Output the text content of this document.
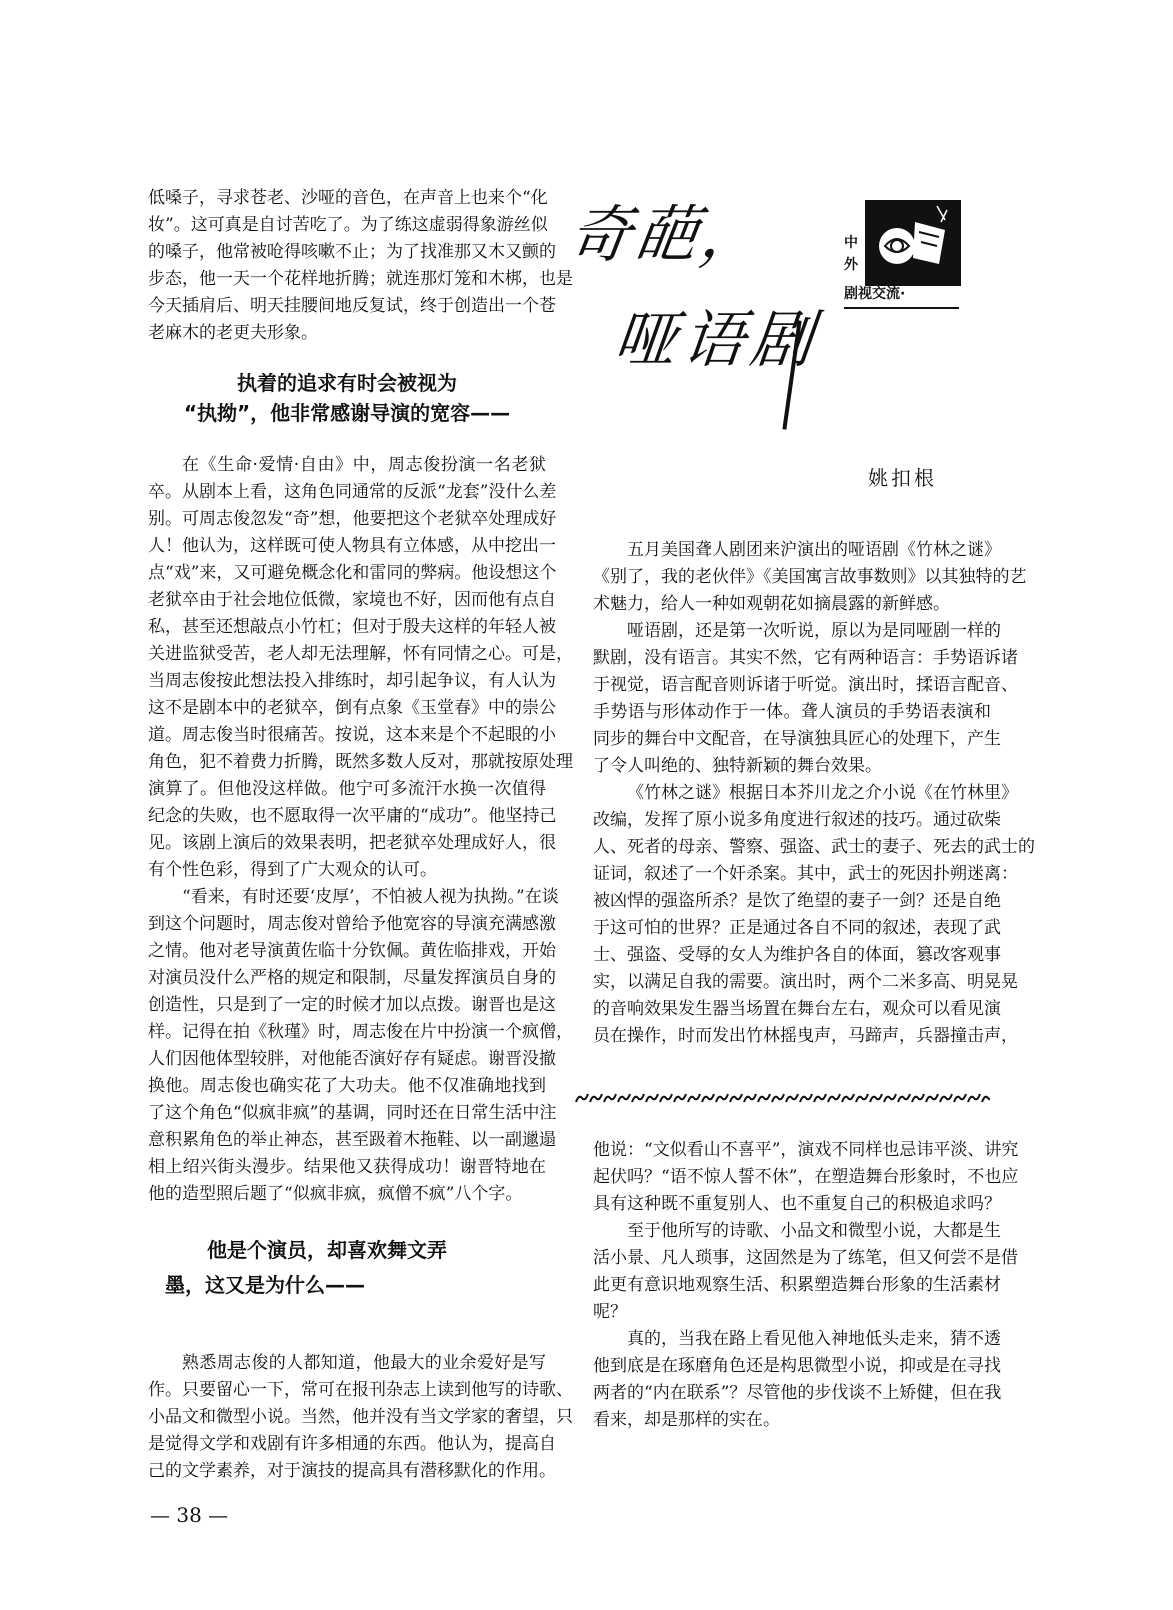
低嗓子，寻求苍老、沙哑的音色，在声音上也来个“化
妆”。这可真是自讨苦吃了。为了练这虚弱得象游丝似
的嗓子，他常被呛得咳嗽不止；为了找准那又木又颤的
步态，他一天一个花样地折腾；就连那灯笼和木梆，也是
今天插肩后、明天挂腰间地反复试，终于创造出一个苍
老麻木的老更夫形象。
执着的追求有时会被视为
“执拗”，他非常感谢导演的宽容——
在《生命·爱情·自由》中，周志俊扮演一名老狱
卒。从剧本上看，这角色同通常的反派“龙套”没什么差
别。可周志俊忽发“奇”想，他要把这个老狱卒处理成好
人！他认为，这样既可使人物具有立体感，从中挖出一
点“戏”来，又可避免概念化和雷同的弊病。他设想这个
老狱卒由于社会地位低微，家境也不好，因而他有点自
私，甚至还想敲点小竹杠；但对于殷夫这样的年轻人被
关进监狱受苦，老人却无法理解，怀有同情之心。可是，
当周志俊按此想法投入排练时，却引起争议，有人认为
这不是剧本中的老狱卒，倒有点象《玉堂春》中的崇公
道。周志俊当时很痛苦。按说，这本来是个不起眼的小
角色，犯不着费力折腾，既然多数人反对，那就按原处理
演算了。但他没这样做。他宁可多流汗水换一次值得
纪念的失败，也不愿取得一次平庸的“成功”。他坚持己
见。该剧上演后的效果表明，把老狱卒处理成好人，很
有个性色彩，得到了广大观众的认可。
“看来，有时还要‘皮厚’，不怕被人视为执拗。”在谈
到这个问题时，周志俊对曾给予他宽容的导演充满感激
之情。他对老导演黄佐临十分钦佩。黄佐临排戏，开始
对演员没什么严格的规定和限制，尽量发挥演员自身的
创造性，只是到了一定的时候才加以点拨。谢晋也是这
样。记得在拍《秋瑾》时，周志俊在片中扮演一个疯僧，
人们因他体型较胖，对他能否演好存有疑虑。谢晋没撤
换他。周志俊也确实花了大功夫。他不仅准确地找到
了这个角色“似疯非疯”的基调，同时还在日常生活中注
意积累角色的举止神态，甚至趿着木拖鞋、以一副邋遢
相上绍兴街头漫步。结果他又获得成功！谢晋特地在
他的造型照后题了“似疯非疯，疯僧不疯”八个字。
他是个演员，却喜欢舞文弄
墨，这又是为什么——
熟悉周志俊的人都知道，他最大的业余爱好是写
作。只要留心一下，常可在报刊杂志上读到他写的诗歌、
小品文和微型小说。当然，他并没有当文学家的奢望，只
是觉得文学和戏剧有许多相通的东西。他认为，提高自
己的文学素养，对于演技的提高具有潜移默化的作用。
五月美国聋人剧团来沪演出的哑语剧《竹林之谜》
《别了，我的老伙伴》《美国寓言故事数则》以其独特的艺
术魅力，给人一种如观朝花如摘晨露的新鲜感。
哑语剧，还是第一次听说，原以为是同哑剧一样的
默剧，没有语言。其实不然，它有两种语言：手势语诉诸
于视觉，语言配音则诉诸于听觉。演出时，揉语言配音、
手势语与形体动作于一体。聋人演员的手势语表演和
同步的舞台中文配音，在导演独具匠心的处理下，产生
了令人叫绝的、独特新颖的舞台效果。
《竹林之谜》根据日本芥川龙之介小说《在竹林里》
改编，发挥了原小说多角度进行叙述的技巧。通过砍柴
人、死者的母亲、警察、强盗、武士的妻子、死去的武士的
证词，叙述了一个奸杀案。其中，武士的死因扑朔迷离：
被凶悍的强盗所杀？是饮了绝望的妻子一剑？还是自绝
于这可怕的世界？正是通过各自不同的叙述，表现了武
士、强盗、受辱的女人为维护各自的体面，篡改客观事
实，以满足自我的需要。演出时，两个二米多高、明晃晃
的音响效果发生器当场置在舞台左右，观众可以看见演
员在操作，时而发出竹林摇曳声，马蹄声，兵器撞击声，
他说：“文似看山不喜平”，演戏不同样也忌讳平淡、讲究
起伏吗？“语不惊人誓不休”，在塑造舞台形象时，不也应
具有这种既不重复别人、也不重复自己的积极追求吗？
至于他所写的诗歌、小品文和微型小说，大都是生
活小景、凡人琐事，这固然是为了练笔，但又何尝不是借
此更有意识地观察生活、积累塑造舞台形象的生活素材
呢？
真的，当我在路上看见他入神地低头走来，猜不透
他到底是在琢磨角色还是构思微型小说，抑或是在寻找
两者的“内在联系”？尽管他的步伐谈不上矫健，但在我
看来，却是那样的实在。
奇葩，
哑语剧
中外
剧视交流·
姚扣根
— 38 —
